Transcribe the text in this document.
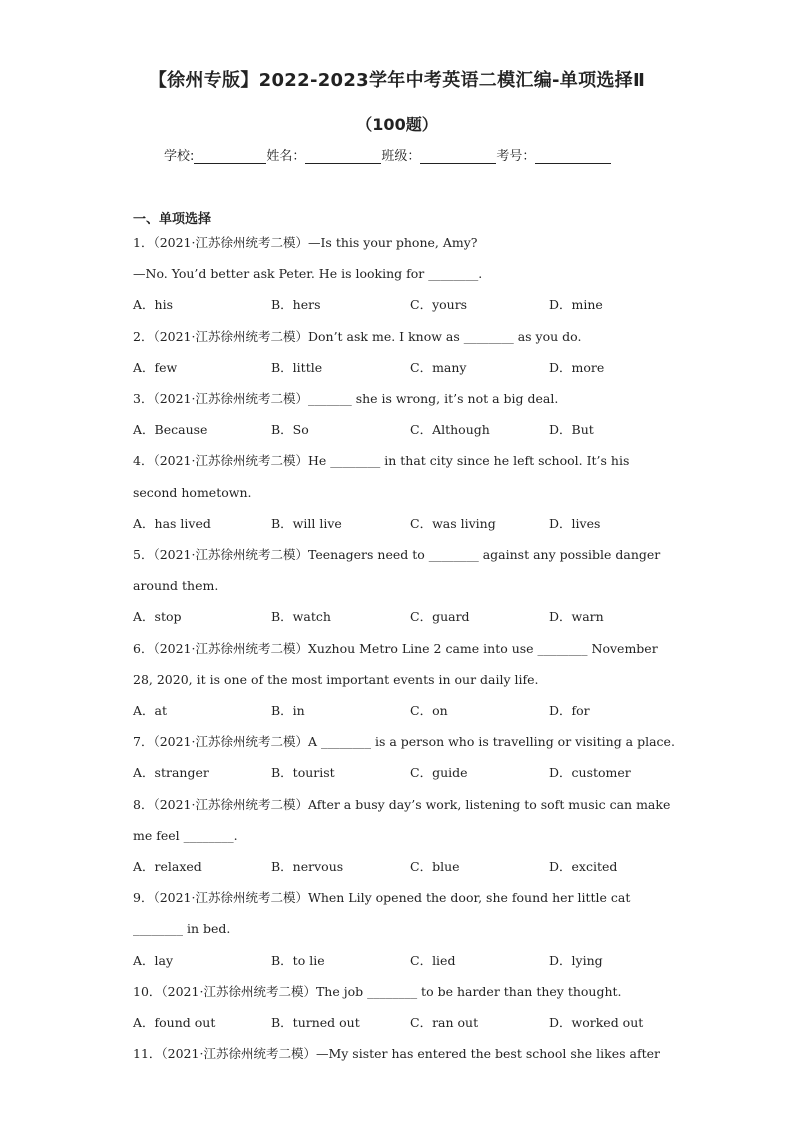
【徐州专版】2022-2023学年中考英语二模汇编-单项选择Ⅱ
（100题）
学校:	姓名：	班级：	考号：
一、单项选择
1．（2021·江苏徐州统考二模）—Is this your phone, Amy?
—No. You’d better ask Peter. He is looking for ________.
A．his	B．hers	C．yours	D．mine
2．（2021·江苏徐州统考二模）Don’t ask me. I know as ________ as you do.
A．few	B．little	C．many	D．more
3．（2021·江苏徐州统考二模）_______ she is wrong, it’s not a big deal.
A．Because	B．So	C．Although	D．But
4．（2021·江苏徐州统考二模）He ________ in that city since he left school. It’s his
second hometown.
A．has lived	B．will live	C．was living	D．lives
5．（2021·江苏徐州统考二模）Teenagers need to ________ against any possible danger
around them.
A．stop	B．watch	C．guard	D．warn
6．（2021·江苏徐州统考二模）Xuzhou Metro Line 2 came into use ________ November
28, 2020, it is one of the most important events in our daily life.
A．at	B．in	C．on	D．for
7．（2021·江苏徐州统考二模）A ________ is a person who is travelling or visiting a place.
A．stranger	B．tourist	C．guide	D．customer
8．（2021·江苏徐州统考二模）After a busy day’s work, listening to soft music can make
me feel ________.
A．relaxed	B．nervous	C．blue	D．excited
9．（2021·江苏徐州统考二模）When Lily opened the door, she found her little cat
________ in bed.
A．lay	B．to lie	C．lied	D．lying
10．（2021·江苏徐州统考二模）The job ________ to be harder than they thought.
A．found out	B．turned out	C．ran out	D．worked out
11．（2021·江苏徐州统考二模）—My sister has entered the best school she likes after
